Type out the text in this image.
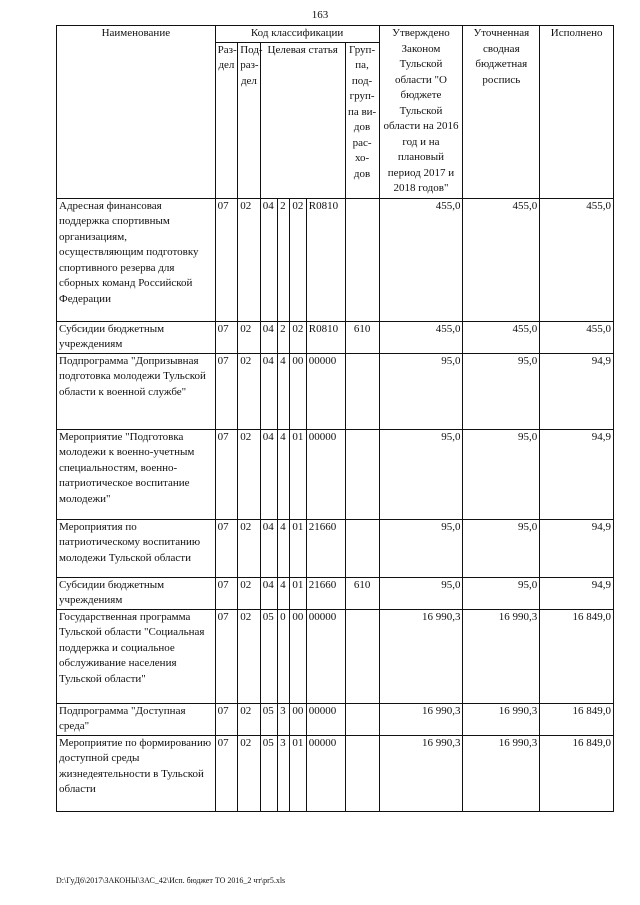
163
Наименование	Код классификации							Утверждено Законом Тульской области "О бюджете Тульской области на 2016 год и на плановый период 2017 и 2018 годов"	Уточненная сводная бюджетная роспись	Исполнено
	Раз-дел	Под-раз-дел	Целевая статья				Груп-па, под-груп-па ви-дов рас-хо-дов			
Адресная финансовая поддержка спортивным организациям, осуществляющим подготовку спортивного резерва для сборных команд Российской Федерации	07	02	04	2	02	R0810		455,0	455,0	455,0
Субсидии бюджетным учреждениям	07	02	04	2	02	R0810	610	455,0	455,0	455,0
Подпрограмма "Допризывная подготовка молодежи Тульской области к военной службе"	07	02	04	4	00	00000		95,0	95,0	94,9
Мероприятие "Подготовка молодежи к военно-учетным специальностям, военно-патриотическое воспитание молодежи"	07	02	04	4	01	00000		95,0	95,0	94,9
Мероприятия по патриотическому воспитанию молодежи Тульской области	07	02	04	4	01	21660		95,0	95,0	94,9
Субсидии бюджетным учреждениям	07	02	04	4	01	21660	610	95,0	95,0	94,9
Государственная программа Тульской области "Социальная поддержка и социальное обслуживание населения Тульской области"	07	02	05	0	00	00000		16 990,3	16 990,3	16 849,0
Подпрограмма "Доступная среда"	07	02	05	3	00	00000		16 990,3	16 990,3	16 849,0
Мероприятие по формированию доступной среды жизнедеятельности в Тульской области	07	02	05	3	01	00000		16 990,3	16 990,3	16 849,0
D:\ГуД6\2017\ЗАКОНЫ\ЗАС_42\Исп. бюджет ТО 2016_2 чт\pr5.xls
